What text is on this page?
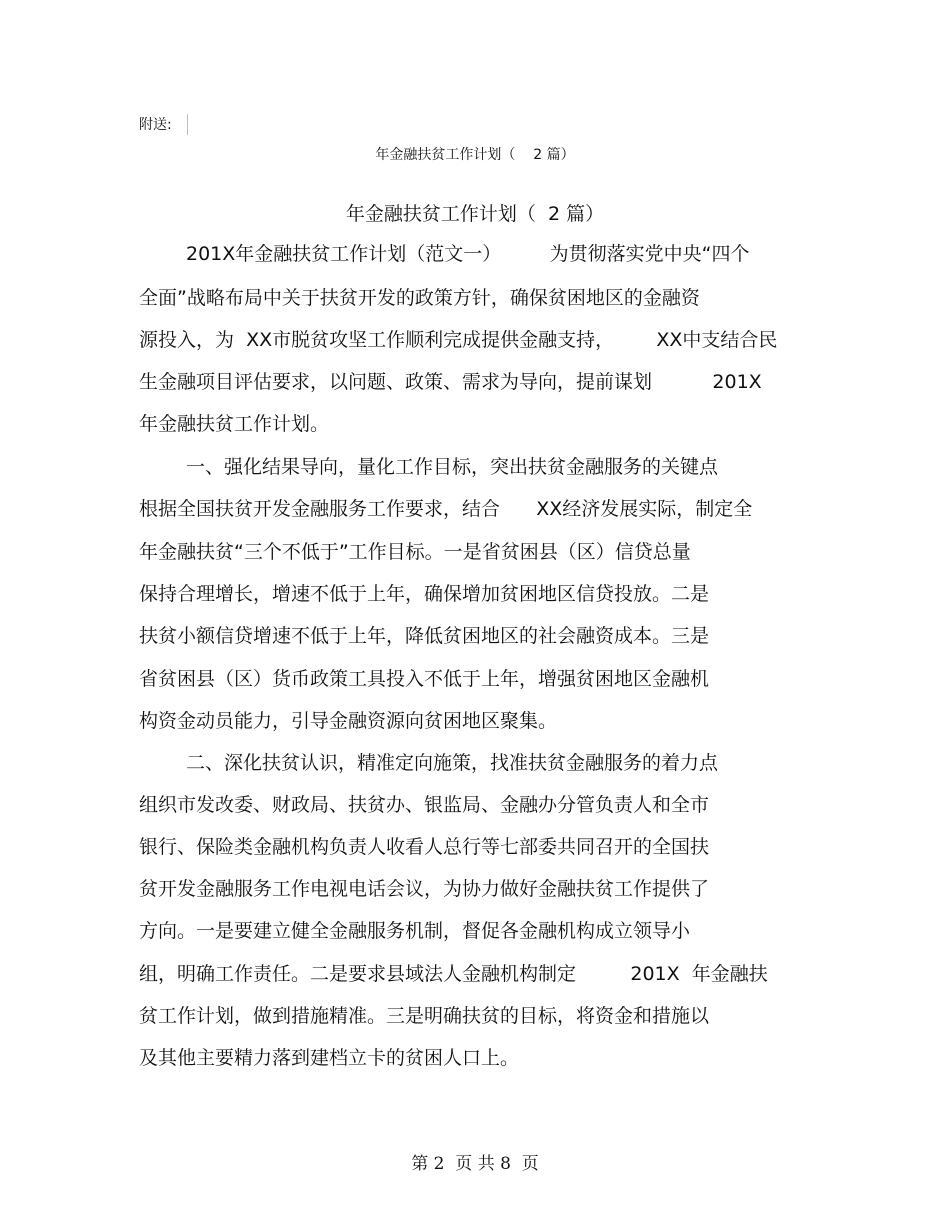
附送:
年金融扶贫工作计划（    2 篇）
年金融扶贫工作计划（  2 篇）
201X年金融扶贫工作计划（范文一）        为贯彻落实党中央“四个
全面”战略布局中关于扶贫开发的政策方针，确保贫困地区的金融资
源投入，为  XX市脱贫攻坚工作顺利完成提供金融支持，       XX中支结合民
生金融项目评估要求，以问题、政策、需求为导向，提前谋划          201X
年金融扶贫工作计划。
一、强化结果导向，量化工作目标，突出扶贫金融服务的关键点
根据全国扶贫开发金融服务工作要求，结合      XX经济发展实际，制定全
年金融扶贫“三个不低于”工作目标。一是省贫困县（区）信贷总量
保持合理增长，增速不低于上年，确保增加贫困地区信贷投放。二是
扶贫小额信贷增速不低于上年，降低贫困地区的社会融资成本。三是
省贫困县（区）货币政策工具投入不低于上年，增强贫困地区金融机
构资金动员能力，引导金融资源向贫困地区聚集。
二、深化扶贫认识，精准定向施策，找准扶贫金融服务的着力点
组织市发改委、财政局、扶贫办、银监局、金融办分管负责人和全市
银行、保险类金融机构负责人收看人总行等七部委共同召开的全国扶
贫开发金融服务工作电视电话会议，为协力做好金融扶贫工作提供了
方向。一是要建立健全金融服务机制，督促各金融机构成立领导小
组，明确工作责任。二是要求县域法人金融机构制定         201X  年金融扶
贫工作计划，做到措施精准。三是明确扶贫的目标，将资金和措施以
及其他主要精力落到建档立卡的贫困人口上。
第 2  页 共 8  页
